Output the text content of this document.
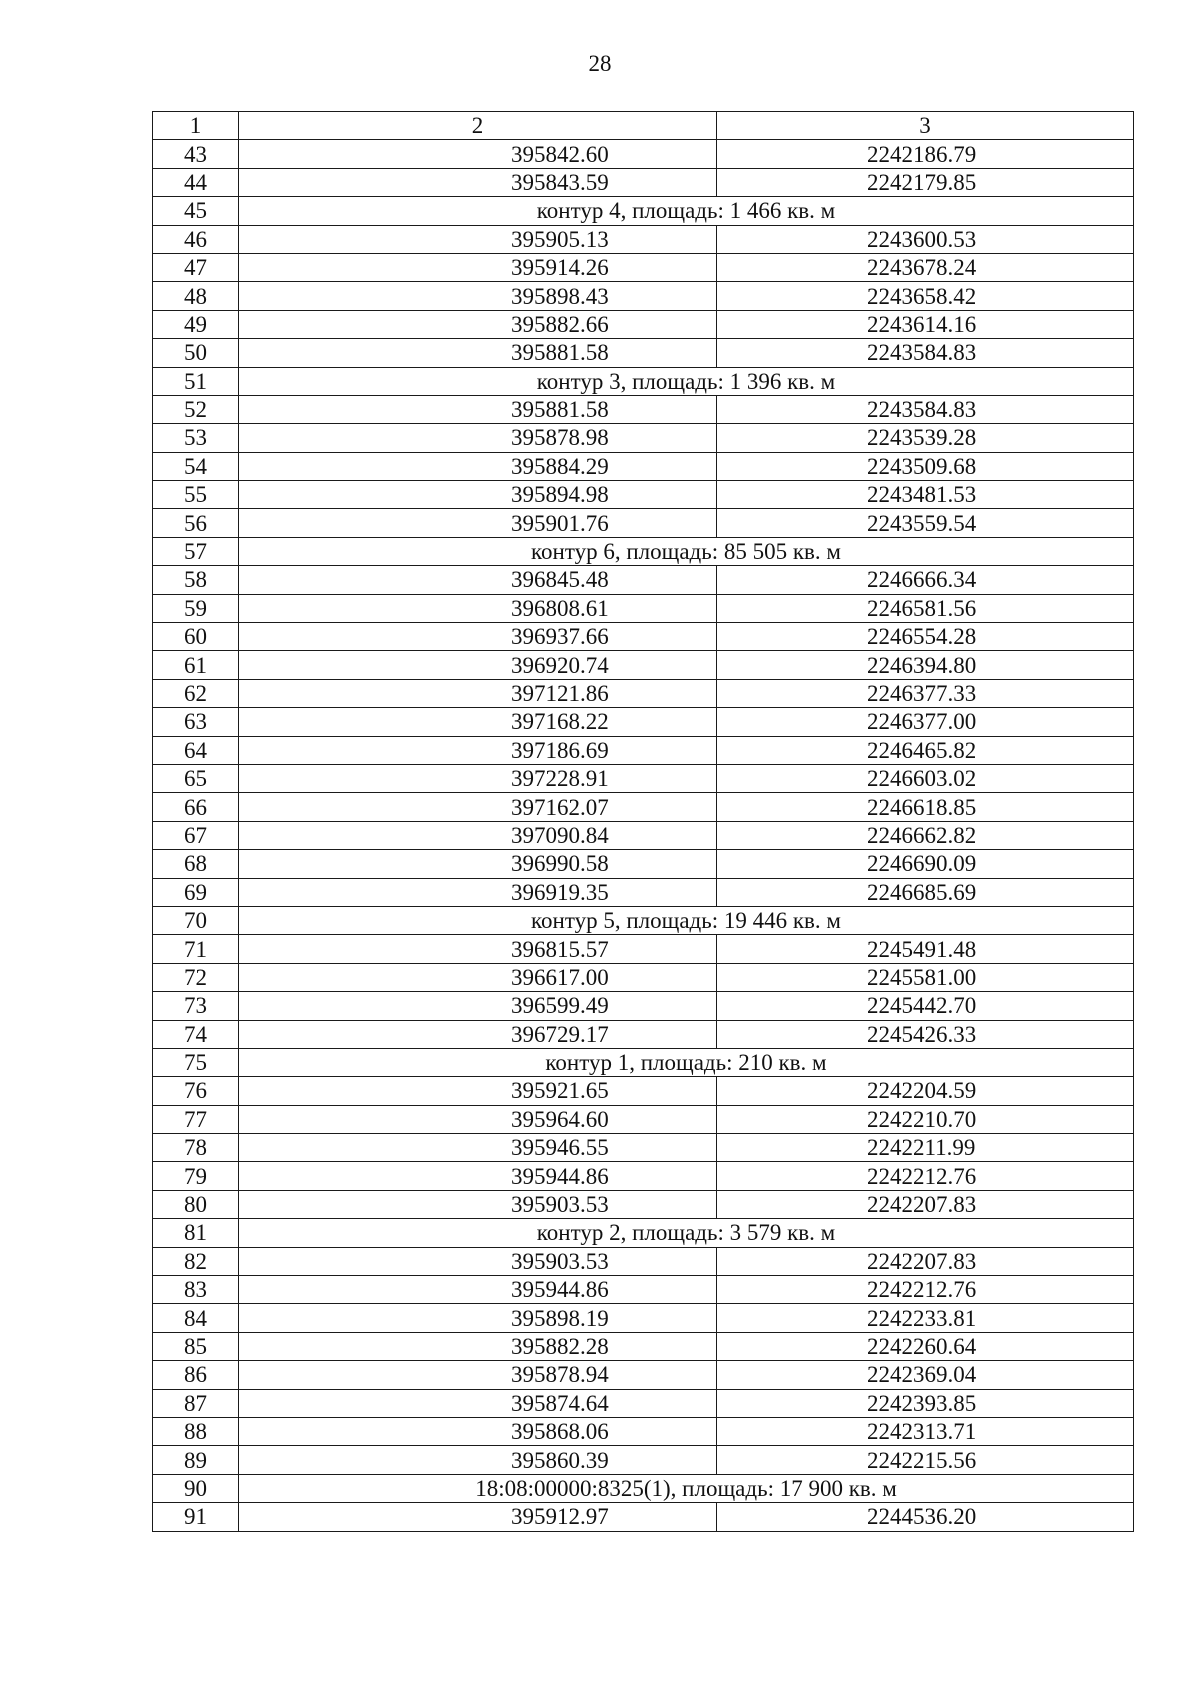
28
1	2	3
43	395842.60	2242186.79
44	395843.59	2242179.85
45	контур 4, площадь: 1 466 кв. м	
46	395905.13	2243600.53
47	395914.26	2243678.24
48	395898.43	2243658.42
49	395882.66	2243614.16
50	395881.58	2243584.83
51	контур 3, площадь: 1 396 кв. м	
52	395881.58	2243584.83
53	395878.98	2243539.28
54	395884.29	2243509.68
55	395894.98	2243481.53
56	395901.76	2243559.54
57	контур 6, площадь: 85 505 кв. м	
58	396845.48	2246666.34
59	396808.61	2246581.56
60	396937.66	2246554.28
61	396920.74	2246394.80
62	397121.86	2246377.33
63	397168.22	2246377.00
64	397186.69	2246465.82
65	397228.91	2246603.02
66	397162.07	2246618.85
67	397090.84	2246662.82
68	396990.58	2246690.09
69	396919.35	2246685.69
70	контур 5, площадь: 19 446 кв. м	
71	396815.57	2245491.48
72	396617.00	2245581.00
73	396599.49	2245442.70
74	396729.17	2245426.33
75	контур 1, площадь: 210 кв. м	
76	395921.65	2242204.59
77	395964.60	2242210.70
78	395946.55	2242211.99
79	395944.86	2242212.76
80	395903.53	2242207.83
81	контур 2, площадь: 3 579 кв. м	
82	395903.53	2242207.83
83	395944.86	2242212.76
84	395898.19	2242233.81
85	395882.28	2242260.64
86	395878.94	2242369.04
87	395874.64	2242393.85
88	395868.06	2242313.71
89	395860.39	2242215.56
90	18:08:00000:8325(1), площадь: 17 900 кв. м	
91	395912.97	2244536.20
